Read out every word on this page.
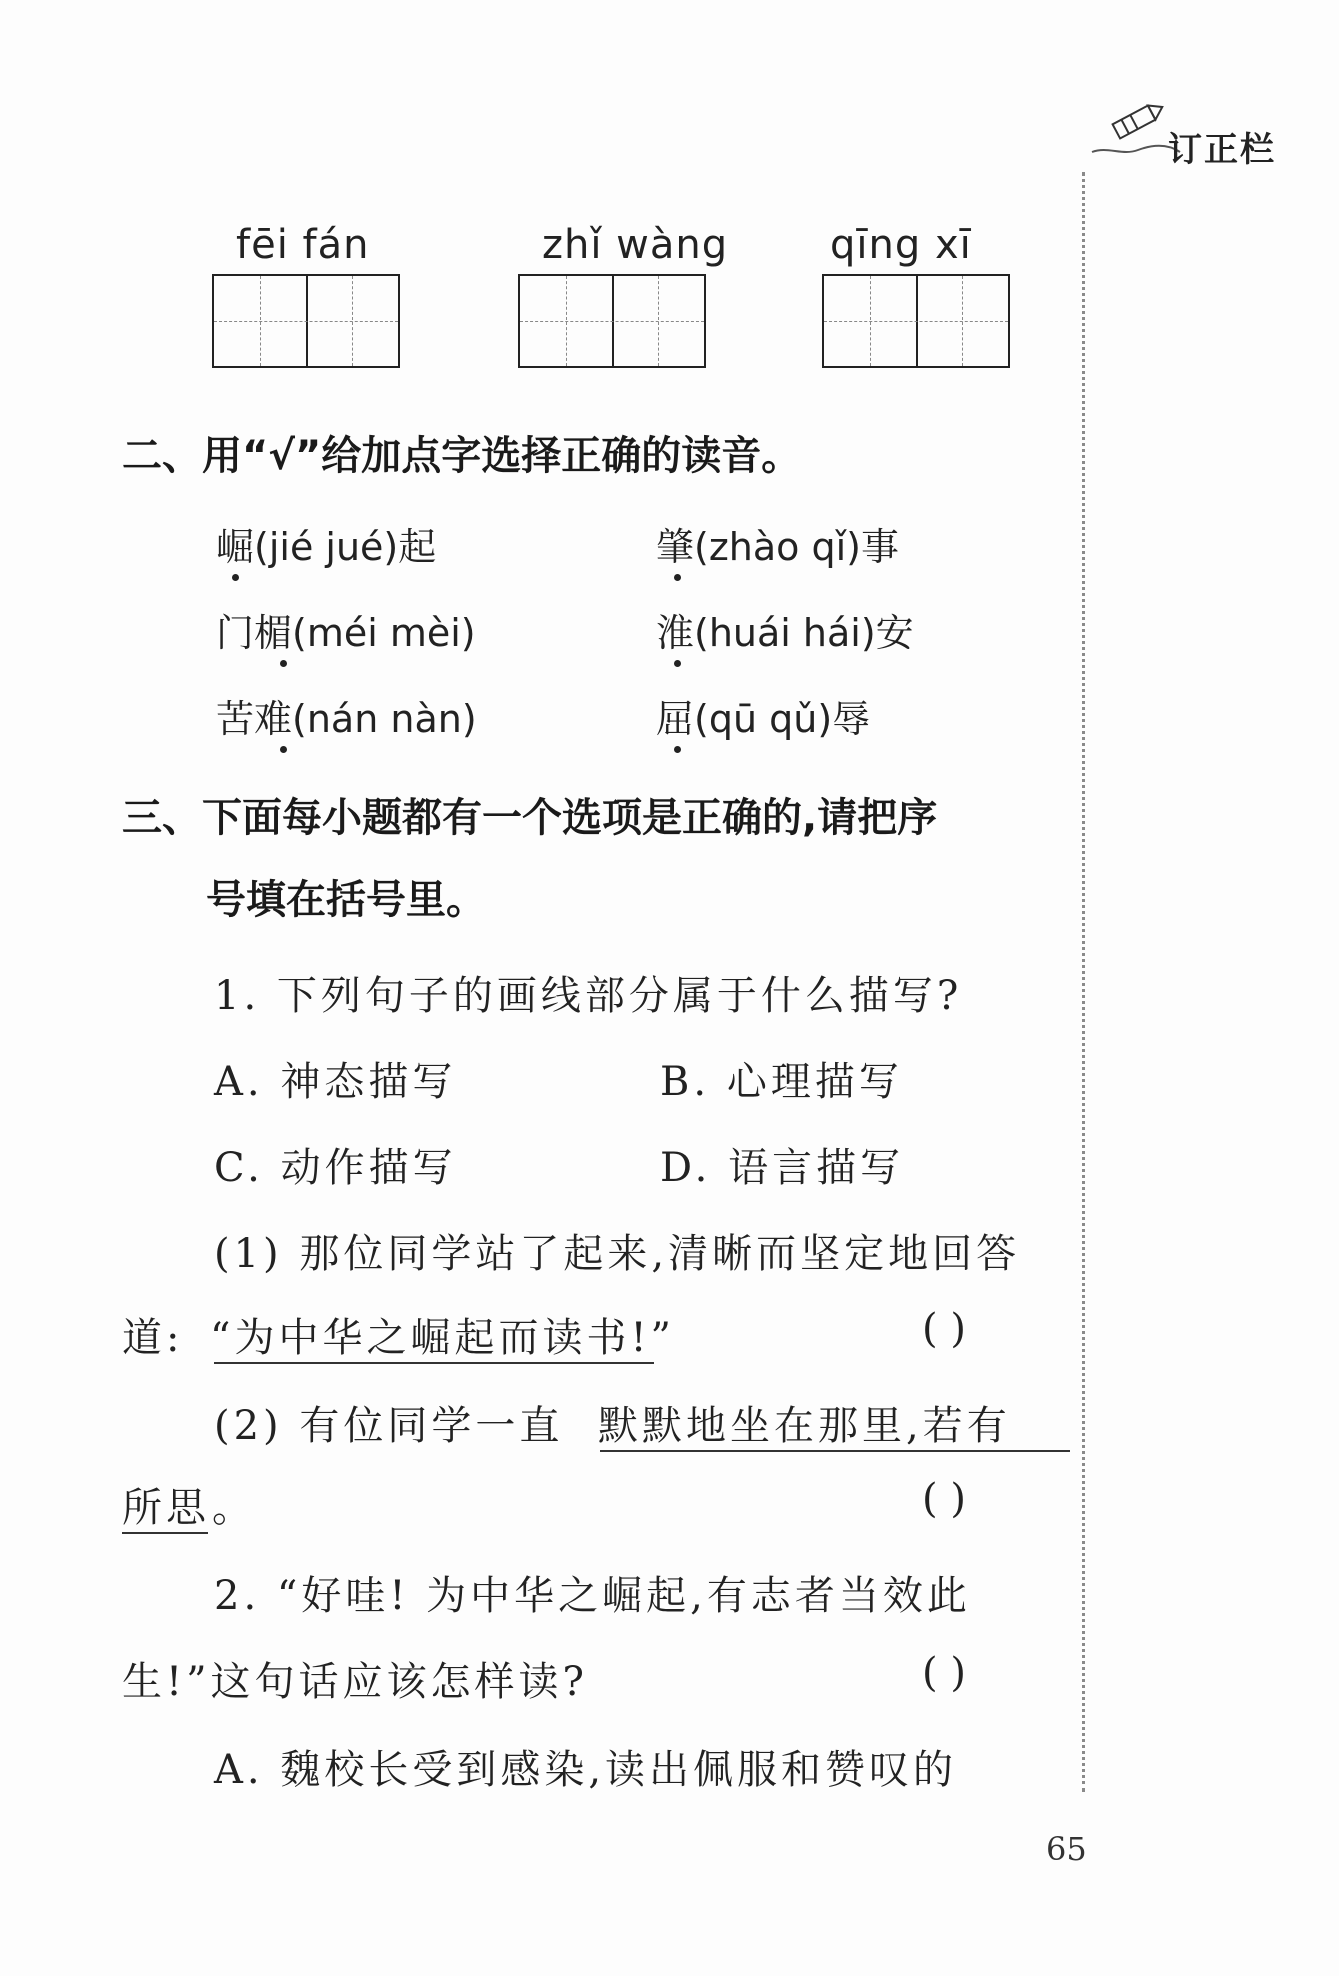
订正栏
fēi fán	zhǐ wàng	qīng xī
二、用“√”给加点字选择正确的读音。
崛(jié jué)起	肇(zhào qǐ)事
门楣(méi mèi)	淮(huái hái)安
苦难(nán nàn)	屈(qū qǔ)辱
三、下面每小题都有一个选项是正确的,请把序
号填在括号里。
1. 下列句子的画线部分属于什么描写?
A. 神态描写	B. 心理描写
C. 动作描写	D. 语言描写
(1) 那位同学站了起来,清晰而坚定地回答
道: “为中华之崛起而读书!”	( )
(2) 有位同学一直 默默地坐在那里,若有
所思 。	( )
2. “好哇! 为中华之崛起,有志者当效此
生!”这句话应该怎样读?	( )
A. 魏校长受到感染,读出佩服和赞叹的
65
